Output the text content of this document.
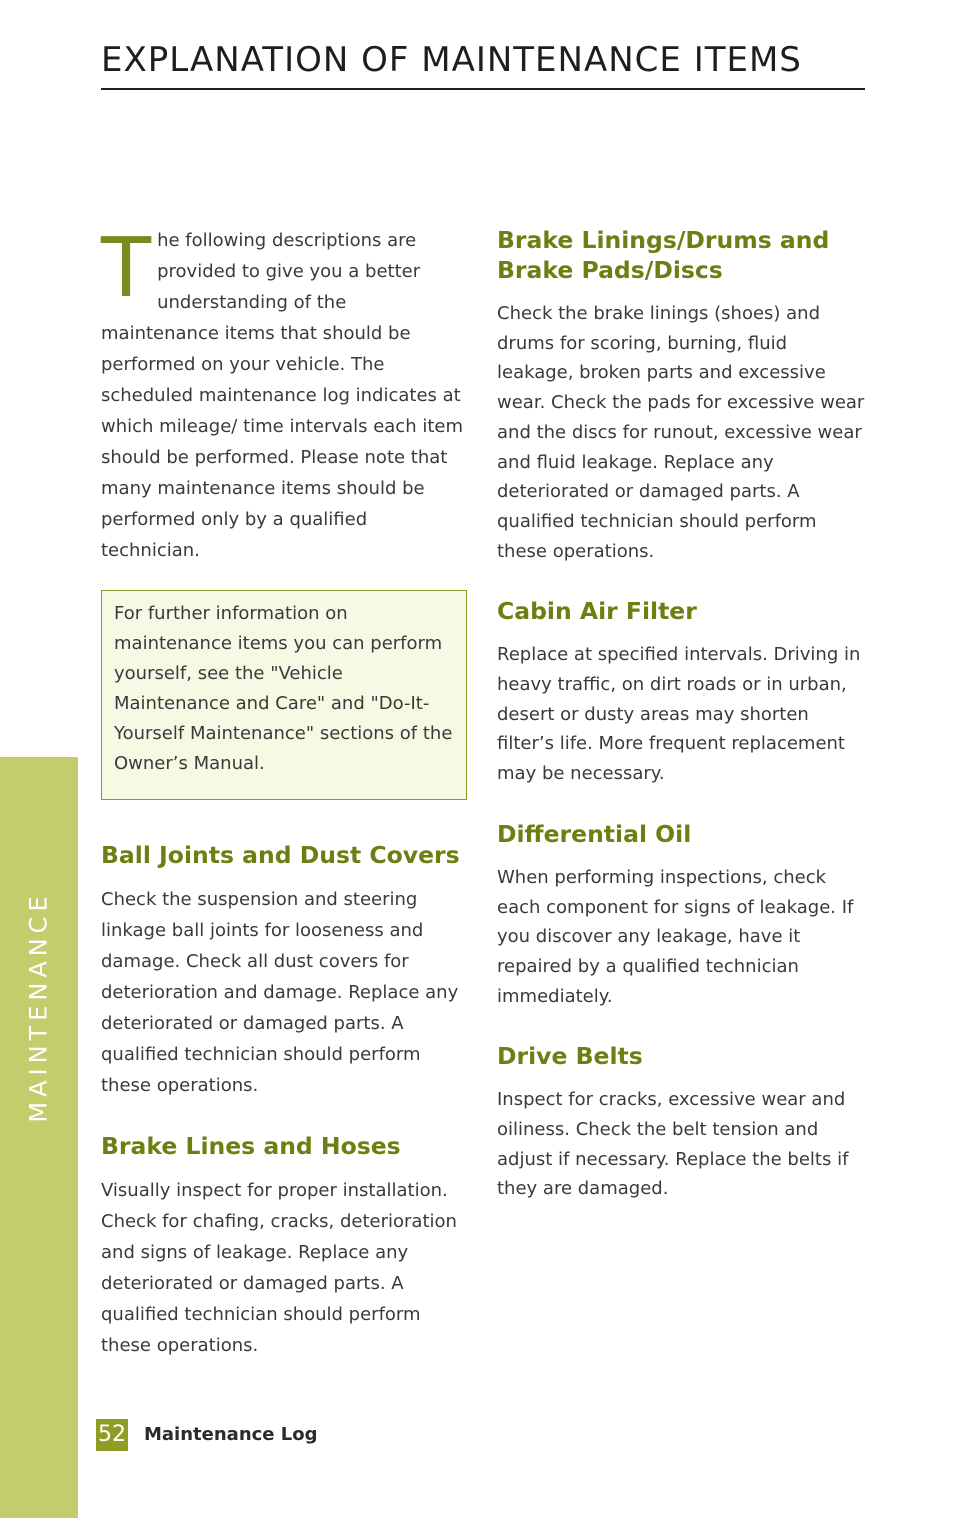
EXPLANATION OF MAINTENANCE ITEMS
MAINTENANCE

The following descriptions are provided to give you a better understanding of the maintenance items that should be performed on your vehicle. The scheduled maintenance log indicates at which mileage/ time intervals each item should be performed. Please note that many maintenance items should be performed only by a qualified technician.

For further information on maintenance items you can perform yourself, see the "Vehicle Maintenance and Care" and "Do-It-Yourself Maintenance" sections of the Owner’s Manual.

Ball Joints and Dust Covers

Check the suspension and steering linkage ball joints for looseness and damage. Check all dust covers for deterioration and damage. Replace any deteriorated or damaged parts. A qualified technician should perform these operations.

Brake Lines and Hoses

Visually inspect for proper installation. Check for chafing, cracks, deterioration and signs of leakage. Replace any deteriorated or damaged parts. A qualified technician should perform these operations.

Brake Linings/Drums and Brake Pads/Discs

Check the brake linings (shoes) and drums for scoring, burning, fluid leakage, broken parts and excessive wear. Check the pads for excessive wear and the discs for runout, excessive wear and fluid leakage. Replace any deteriorated or damaged parts. A qualified technician should perform these operations.

Cabin Air Filter

Replace at specified intervals. Driving in heavy traffic, on dirt roads or in urban, desert or dusty areas may shorten filter’s life. More frequent replacement may be necessary.

Differential Oil

When performing inspections, check each component for signs of leakage. If you discover any leakage, have it repaired by a qualified technician immediately.

Drive Belts

Inspect for cracks, excessive wear and oiliness. Check the belt tension and adjust if necessary. Replace the belts if they are damaged.

52 Maintenance Log
